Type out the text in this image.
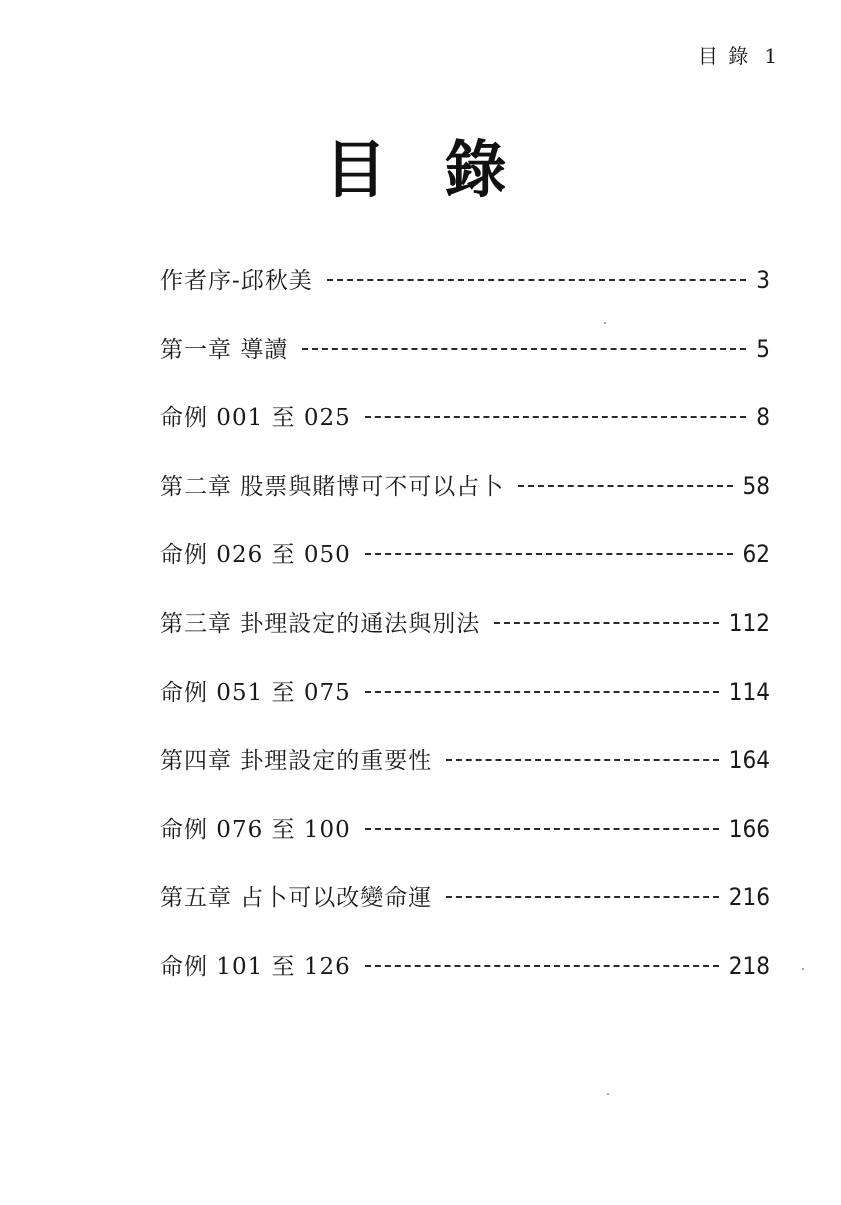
目 錄 1
目 錄
作者序-邱秋美	3
第一章 導讀	5
命例 001 至 025	8
第二章 股票與賭博可不可以占卜	58
命例 026 至 050	62
第三章 卦理設定的通法與別法	112
命例 051 至 075	114
第四章 卦理設定的重要性	164
命例 076 至 100	166
第五章 占卜可以改變命運	216
命例 101 至 126	218
